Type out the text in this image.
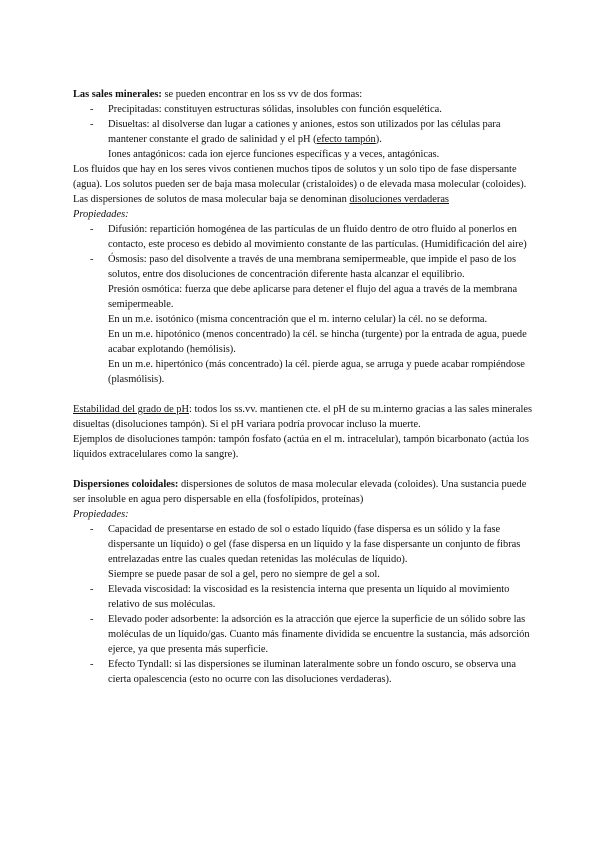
Las sales minerales: se pueden encontrar en los ss vv de dos formas:

- Precipitadas: constituyen estructuras sólidas, insolubles con función esquelética.
- Disueltas: al disolverse dan lugar a cationes y aniones, estos son utilizados por las células para mantener constante el grado de salinidad y el pH (efecto tampón).

Iones antagónicos: cada ion ejerce funciones específicas y a veces, antagónicas.

Los fluidos que hay en los seres vivos contienen muchos tipos de solutos y un solo tipo de fase dispersante (agua). Los solutos pueden ser de baja masa molecular (cristaloides) o de elevada masa molecular (coloides).

Las dispersiones de solutos de masa molecular baja se denominan disoluciones verdaderas

Propiedades:

- Difusión: repartición homogénea de las partículas de un fluido dentro de otro fluido al ponerlos en contacto, este proceso es debido al movimiento constante de las partículas. (Humidificación del aire)
- Ósmosis: paso del disolvente a través de una membrana semipermeable, que impide el paso de los solutos, entre dos disoluciones de concentración diferente hasta alcanzar el equilibrio.

Presión osmótica: fuerza que debe aplicarse para detener el flujo del agua a través de la membrana semipermeable.

En un m.e. isotónico (misma concentración que el m. interno celular) la cél. no se deforma.

En un m.e. hipotónico (menos concentrado) la cél. se hincha (turgente) por la entrada de agua, puede acabar explotando (hemólisis).

En un m.e. hipertónico (más concentrado) la cél. pierde agua, se arruga y puede acabar rompiéndose (plasmólisis).

Estabilidad del grado de pH: todos los ss.vv. mantienen cte. el pH de su m.interno gracias a las sales minerales disueltas (disoluciones tampón). Si el pH variara podría provocar incluso la muerte.

Ejemplos de disoluciones tampón: tampón fosfato (actúa en el m. intracelular), tampón bicarbonato (actúa los líquidos extracelulares como la sangre).

Dispersiones coloidales: dispersiones de solutos de masa molecular elevada (coloides). Una sustancia puede ser insoluble en agua pero dispersable en ella (fosfolípidos, proteínas)

Propiedades:

- Capacidad de presentarse en estado de sol o estado líquido (fase dispersa es un sólido y la fase dispersante un líquido) o gel (fase dispersa en un líquido y la fase dispersante un conjunto de fibras entrelazadas entre las cuales quedan retenidas las moléculas de líquido).

Siempre se puede pasar de sol a gel, pero no siempre de gel a sol.

- Elevada viscosidad: la viscosidad es la resistencia interna que presenta un líquido al movimiento relativo de sus moléculas.
- Elevado poder adsorbente: la adsorción es la atracción que ejerce la superficie de un sólido sobre las moléculas de un líquido/gas. Cuanto más finamente dividida se encuentre la sustancia, más adsorción ejerce, ya que presenta más superficie.
- Efecto Tyndall: si las dispersiones se iluminan lateralmente sobre un fondo oscuro, se observa una cierta opalescencia (esto no ocurre con las disoluciones verdaderas).
